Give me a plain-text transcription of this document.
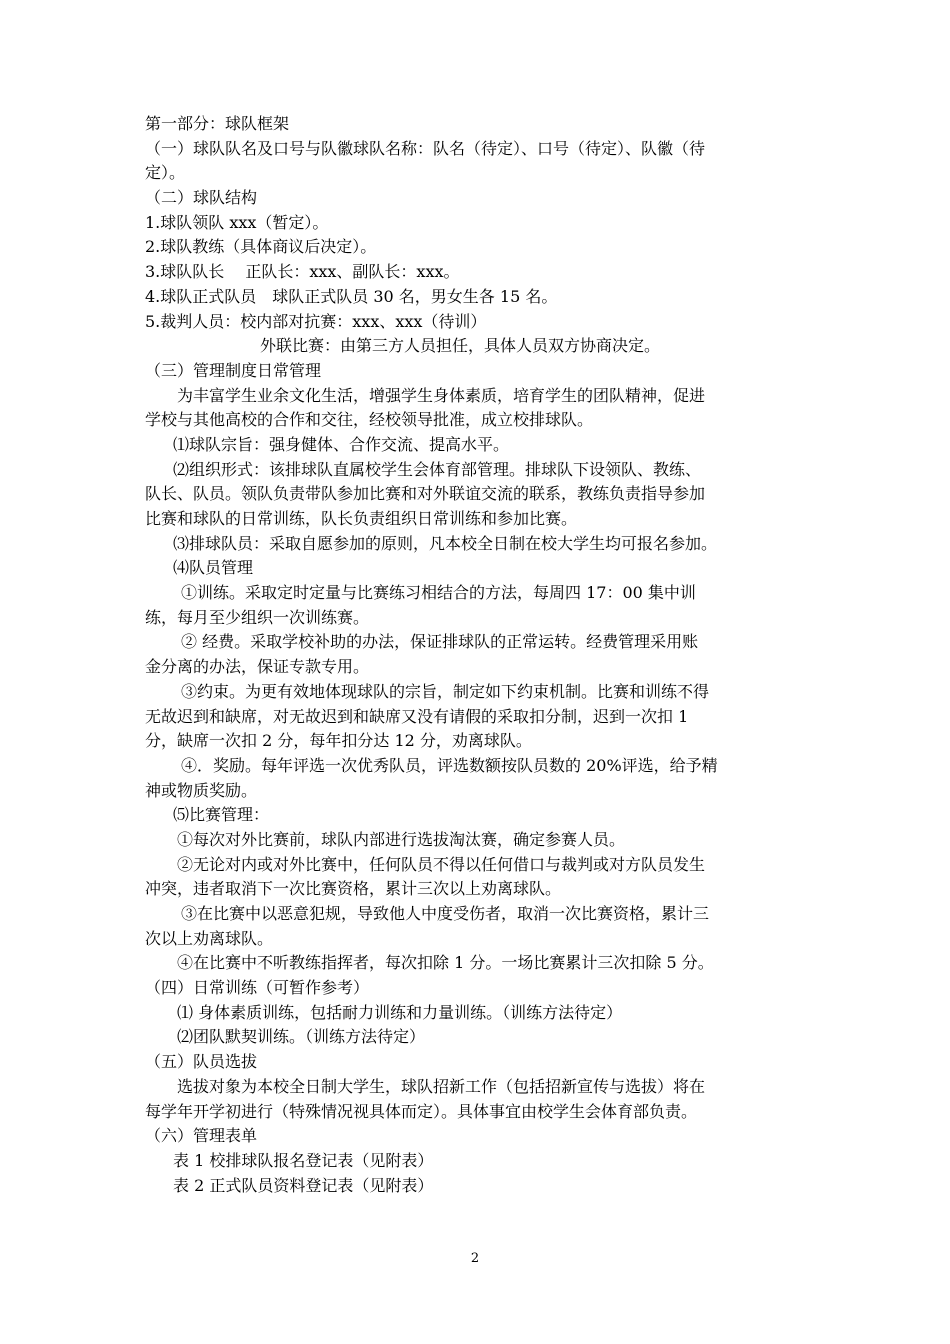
第一部分：球队框架
（一）球队队名及口号与队徽球队名称：队名（待定）、口号（待定）、队徽（待
定）。
（二）球队结构
1.球队领队 xxx（暂定）。
2.球队教练（具体商议后决定）。
3.球队队长　 正队长：xxx、副队长：xxx。
4.球队正式队员　球队正式队员 30 名，男女生各 15 名。
5.裁判人员：校内部对抗赛：xxx、xxx（待训）
外联比赛：由第三方人员担任，具体人员双方协商决定。
（三）管理制度日常管理
为丰富学生业余文化生活，增强学生身体素质，培育学生的团队精神，促进
学校与其他高校的合作和交往，经校领导批准，成立校排球队。
⑴球队宗旨：强身健体、合作交流、提高水平。
⑵组织形式：该排球队直属校学生会体育部管理。排球队下设领队、教练、
队长、队员。领队负责带队参加比赛和对外联谊交流的联系，教练负责指导参加
比赛和球队的日常训练，队长负责组织日常训练和参加比赛。
⑶排球队员：采取自愿参加的原则，凡本校全日制在校大学生均可报名参加。
⑷队员管理
①训练。采取定时定量与比赛练习相结合的方法，每周四 17：00 集中训
练，每月至少组织一次训练赛。
② 经费。采取学校补助的办法，保证排球队的正常运转。经费管理采用账
金分离的办法，保证专款专用。
③约束。为更有效地体现球队的宗旨，制定如下约束机制。比赛和训练不得
无故迟到和缺席，对无故迟到和缺席又没有请假的采取扣分制，迟到一次扣 1
分，缺席一次扣 2 分，每年扣分达 12 分，劝离球队。
④．奖励。每年评选一次优秀队员，评选数额按队员数的 20%评选，给予精
神或物质奖励。
⑸比赛管理：
①每次对外比赛前，球队内部进行选拔淘汰赛，确定参赛人员。
②无论对内或对外比赛中，任何队员不得以任何借口与裁判或对方队员发生
冲突，违者取消下一次比赛资格，累计三次以上劝离球队。
③在比赛中以恶意犯规，导致他人中度受伤者，取消一次比赛资格，累计三
次以上劝离球队。
④在比赛中不听教练指挥者，每次扣除 1 分。一场比赛累计三次扣除 5 分。
（四）日常训练（可暂作参考）
⑴ 身体素质训练，包括耐力训练和力量训练。（训练方法待定）
⑵团队默契训练。（训练方法待定）
（五）队员选拔
选拔对象为本校全日制大学生，球队招新工作（包括招新宣传与选拔）将在
每学年开学初进行（特殊情况视具体而定）。具体事宜由校学生会体育部负责。
（六）管理表单
表 1 校排球队报名登记表（见附表）
表 2 正式队员资料登记表（见附表）
2
